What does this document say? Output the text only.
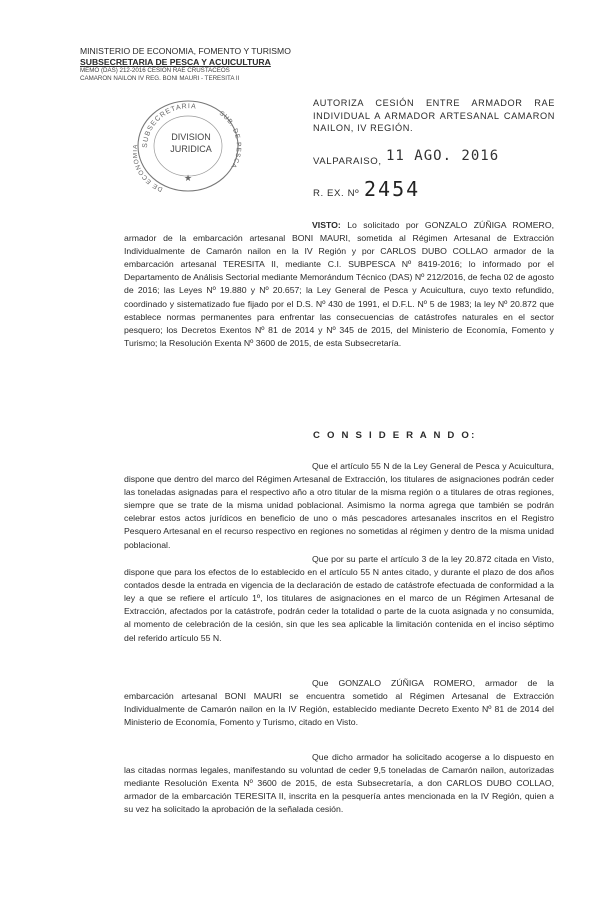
MINISTERIO DE ECONOMIA, FOMENTO Y TURISMO
SUBSECRETARIA DE PESCA Y ACUICULTURA
MEMO (DAS) 212-2016 CESION RAE CRUSTACEOS
CAMARON NAILON IV REG. BONI MAURI - TERESITA II
SUBSECRETARIA
SUB. DE PESCA
DE ECONO
DIVISION
JURIDICA
★
AUTORIZA CESIÓN ENTRE ARMADOR RAE INDIVIDUAL A ARMADOR ARTESANAL CAMARON NAILON, IV REGIÓN.
VALPARAISO, 11 AGO. 2016
R. EX. Nº 2454
VISTO: Lo solicitado por GONZALO ZÚÑIGA ROMERO, armador de la embarcación artesanal BONI MAURI, sometida al Régimen Artesanal de Extracción Individualmente de Camarón nailon en la IV Región y por CARLOS DUBO COLLAO armador de la embarcación artesanal TERESITA II, mediante C.I. SUBPESCA Nº 8419-2016; lo informado por el Departamento de Análisis Sectorial mediante Memorándum Técnico (DAS) Nº 212/2016, de fecha 02 de agosto de 2016; las Leyes Nº 19.880 y Nº 20.657; la Ley General de Pesca y Acuicultura, cuyo texto refundido, coordinado y sistematizado fue fijado por el D.S. Nº 430 de 1991, el D.F.L. Nº 5 de 1983; la ley Nº 20.872 que establece normas permanentes para enfrentar las consecuencias de catástrofes naturales en el sector pesquero; los Decretos Exentos Nº 81 de 2014 y Nº 345 de 2015, del Ministerio de Economía, Fomento y Turismo; la Resolución Exenta Nº 3600 de 2015, de esta Subsecretaría.
C O N S I D E R A N D O:
Que el artículo 55 N de la Ley General de Pesca y Acuicultura, dispone que dentro del marco del Régimen Artesanal de Extracción, los titulares de asignaciones podrán ceder las toneladas asignadas para el respectivo año a otro titular de la misma región o a titulares de otras regiones, siempre que se trate de la misma unidad poblacional. Asimismo la norma agrega que también se podrán celebrar estos actos jurídicos en beneficio de uno o más pescadores artesanales inscritos en el Registro Pesquero Artesanal en el recurso respectivo en regiones no sometidas al régimen y dentro de la misma unidad poblacional.
Que por su parte el artículo 3 de la ley 20.872 citada en Visto, dispone que para los efectos de lo establecido en el artículo 55 N antes citado, y durante el plazo de dos años contados desde la entrada en vigencia de la declaración de estado de catástrofe efectuada de conformidad a la ley a que se refiere el artículo 1º, los titulares de asignaciones en el marco de un Régimen Artesanal de Extracción, afectados por la catástrofe, podrán ceder la totalidad o parte de la cuota asignada y no consumida, al momento de celebración de la cesión, sin que les sea aplicable la limitación contenida en el inciso séptimo del referido artículo 55 N.
Que GONZALO ZÚÑIGA ROMERO, armador de la embarcación artesanal BONI MAURI se encuentra sometido al Régimen Artesanal de Extracción Individualmente de Camarón nailon en la IV Región, establecido mediante Decreto Exento Nº 81 de 2014 del Ministerio de Economía, Fomento y Turismo, citado en Visto.
Que dicho armador ha solicitado acogerse a lo dispuesto en las citadas normas legales, manifestando su voluntad de ceder 9,5 toneladas de Camarón nailon, autorizadas mediante Resolución Exenta Nº 3600 de 2015, de esta Subsecretaría, a don CARLOS DUBO COLLAO, armador de la embarcación TERESITA II, inscrita en la pesquería antes mencionada en la IV Región, quien a su vez ha solicitado la aprobación de la señalada cesión.
